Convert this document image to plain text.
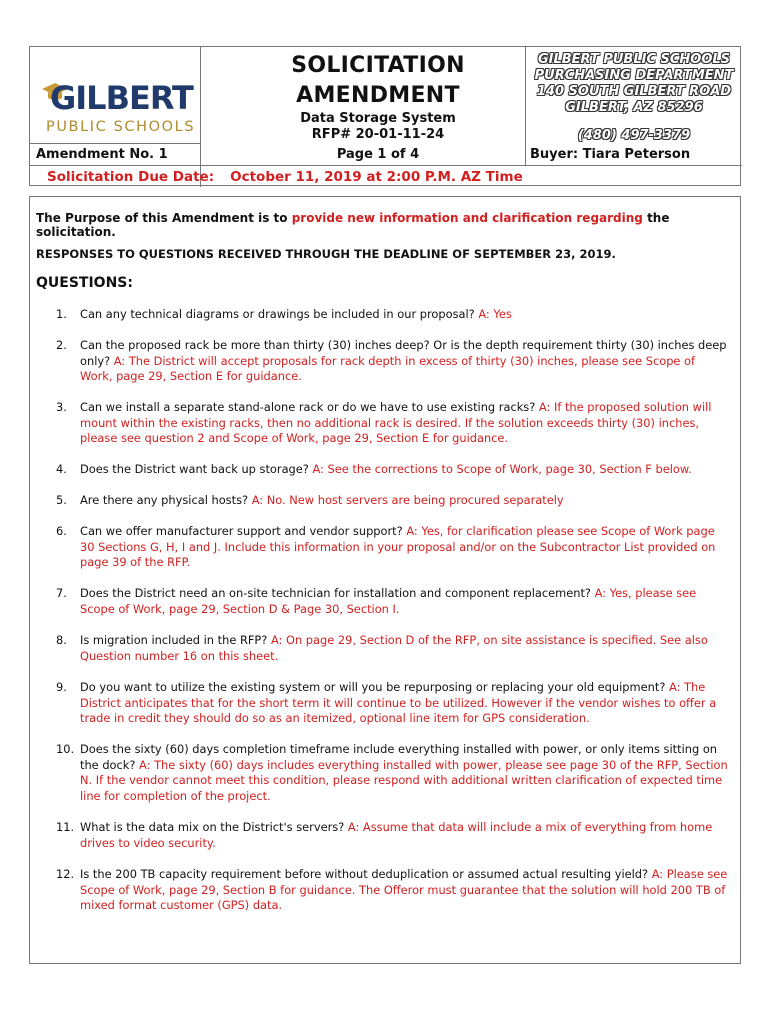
GILBERT
PUBLIC SCHOOLS
Amendment No. 1
SOLICITATION
AMENDMENT
Data Storage System
RFP# 20-01-11-24
Page 1 of 4
GILBERT PUBLIC SCHOOLS
PURCHASING DEPARTMENT
140 SOUTH GILBERT ROAD
GILBERT, AZ 85296
(480) 497-3379
Buyer: Tiara Peterson
Solicitation Due Date: October 11, 2019 at 2:00 P.M. AZ Time
The Purpose of this Amendment is to provide new information and clarification regarding the solicitation.
RESPONSES TO QUESTIONS RECEIVED THROUGH THE DEADLINE OF SEPTEMBER 23, 2019.
QUESTIONS:
1.	Can any technical diagrams or drawings be included in our proposal? A: Yes
2.	Can the proposed rack be more than thirty (30) inches deep? Or is the depth requirement thirty (30) inches deep only? A: The District will accept proposals for rack depth in excess of thirty (30) inches, please see Scope of Work, page 29, Section E for guidance.
3.	Can we install a separate stand-alone rack or do we have to use existing racks? A: If the proposed solution will mount within the existing racks, then no additional rack is desired. If the solution exceeds thirty (30) inches, please see question 2 and Scope of Work, page 29, Section E for guidance.
4.	Does the District want back up storage? A: See the corrections to Scope of Work, page 30, Section F below.
5.	Are there any physical hosts? A: No. New host servers are being procured separately
6.	Can we offer manufacturer support and vendor support? A: Yes, for clarification please see Scope of Work page 30 Sections G, H, I and J. Include this information in your proposal and/or on the Subcontractor List provided on page 39 of the RFP.
7.	Does the District need an on-site technician for installation and component replacement? A: Yes, please see Scope of Work, page 29, Section D & Page 30, Section I.
8.	Is migration included in the RFP? A: On page 29, Section D of the RFP, on site assistance is specified. See also Question number 16 on this sheet.
9.	Do you want to utilize the existing system or will you be repurposing or replacing your old equipment? A: The District anticipates that for the short term it will continue to be utilized. However if the vendor wishes to offer a trade in credit they should do so as an itemized, optional line item for GPS consideration.
10. Does the sixty (60) days completion timeframe include everything installed with power, or only items sitting on the dock? A: The sixty (60) days includes everything installed with power, please see page 30 of the RFP, Section N. If the vendor cannot meet this condition, please respond with additional written clarification of expected time line for completion of the project.
11. What is the data mix on the District's servers? A: Assume that data will include a mix of everything from home drives to video security.
12. Is the 200 TB capacity requirement before without deduplication or assumed actual resulting yield? A: Please see Scope of Work, page 29, Section B for guidance. The Offeror must guarantee that the solution will hold 200 TB of mixed format customer (GPS) data.
